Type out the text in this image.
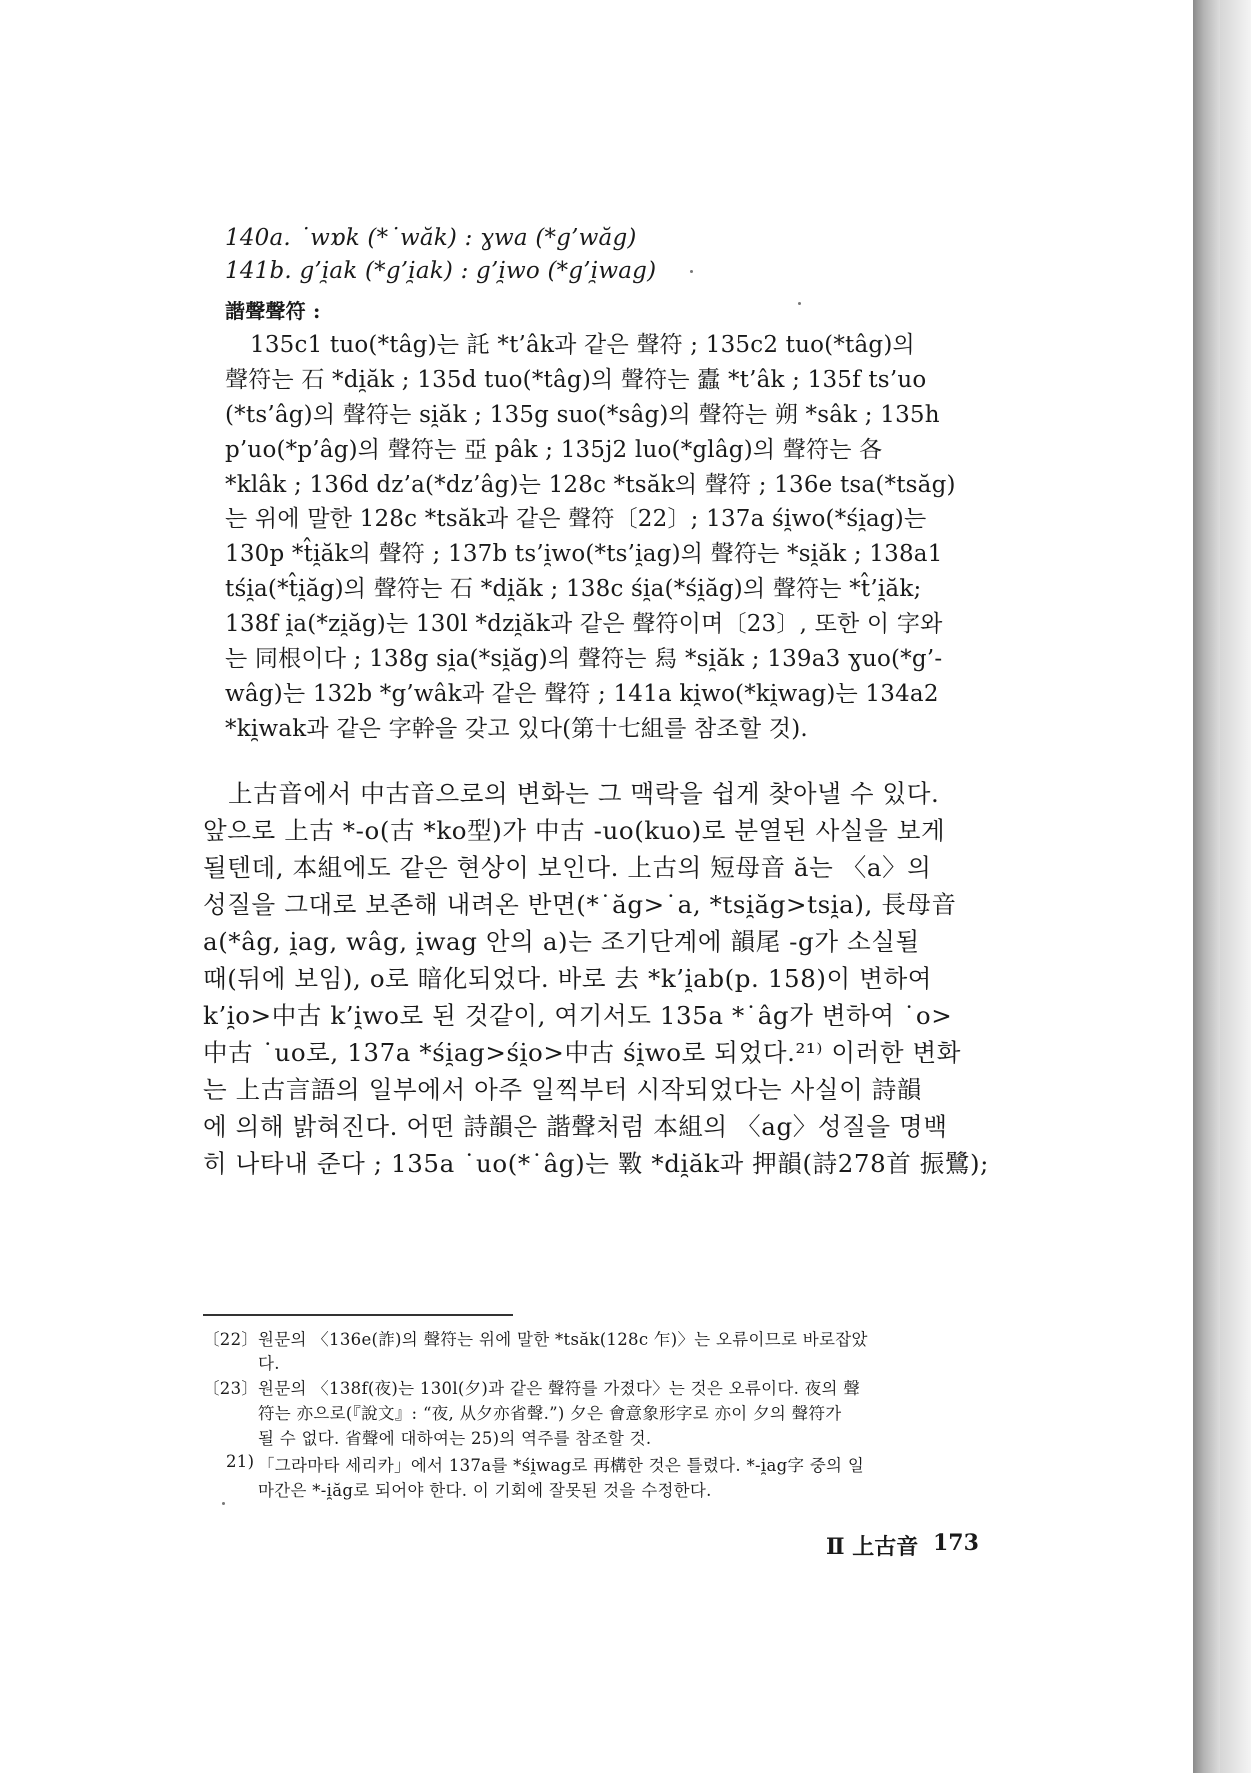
140a. ˙wɒk (*˙wăk) : ɣwa (*g’wăg)
141b. g’i̯ak (*g’i̯ak) : g’i̯wo (*g’i̯wag)
諧聲聲符 :
135c1 tuo(*tâg)는 託 *t’âk과 같은 聲符 ; 135c2 tuo(*tâg)의
聲符는 石 *di̯ăk ; 135d tuo(*tâg)의 聲符는 蠹 *t’âk ; 135f ts’uo
(*ts’âg)의 聲符는 si̯ăk ; 135g suo(*sâg)의 聲符는 朔 *sâk ; 135h
p’uo(*p’âg)의 聲符는 亞 pâk ; 135j2 luo(*glâg)의 聲符는 各
*klâk ; 136d dz’a(*dz’âg)는 128c *tsăk의 聲符 ; 136e tsa(*tsăg)
는 위에 말한 128c *tsăk과 같은 聲符〔22〕; 137a śi̯wo(*śi̯ag)는
130p *t̂i̯ăk의 聲符 ; 137b ts’i̯wo(*ts’i̯ag)의 聲符는 *si̯ăk ; 138a1
tśi̯a(*t̂i̯ăg)의 聲符는 石 *di̯ăk ; 138c śi̯a(*śi̯ăg)의 聲符는 *t̂’i̯ăk;
138f i̯a(*zi̯ăg)는 130l *dzi̯ăk과 같은 聲符이며〔23〕, 또한 이 字와
는 同根이다 ; 138g si̯a(*si̯ăg)의 聲符는 舄 *si̯ăk ; 139a3 ɣuo(*g’-
wâg)는 132b *g’wâk과 같은 聲符 ; 141a ki̯wo(*ki̯wag)는 134a2
*ki̯wak과 같은 字幹을 갖고 있다(第十七組를 참조할 것).
上古音에서 中古音으로의 변화는 그 맥락을 쉽게 찾아낼 수 있다.
앞으로 上古 *-o(古 *ko型)가 中古 -uo(kuo)로 분열된 사실을 보게
될텐데, 本組에도 같은 현상이 보인다. 上古의 短母音 ă는 〈a〉의
성질을 그대로 보존해 내려온 반면(*˙ăg>˙a, *tsi̯ăg>tsi̯a), 長母音
a(*âg, i̯ag, wâg, i̯wag 안의 a)는 조기단계에 韻尾 -g가 소실될
때(뒤에 보임), o로 暗化되었다. 바로 去 *k’i̯ab(p. 158)이 변하여
k’i̯o>中古 k’i̯wo로 된 것같이, 여기서도 135a *˙âg가 변하여 ˙o>
中古 ˙uo로, 137a *śi̯ag>śi̯o>中古 śi̯wo로 되었다.²¹⁾ 이러한 변화
는 上古言語의 일부에서 아주 일찍부터 시작되었다는 사실이 詩韻
에 의해 밝혀진다. 어떤 詩韻은 諧聲처럼 本組의 〈ag〉성질을 명백
히 나타내 준다 ; 135a ˙uo(*˙âg)는 斁 *di̯ăk과 押韻(詩278首 振鷺);
〔22〕 원문의 〈136e(詐)의 聲符는 위에 말한 *tsăk(128c 乍)〉는 오류이므로 바로잡았
다.
〔23〕 원문의 〈138f(夜)는 130l(夕)과 같은 聲符를 가졌다〉는 것은 오류이다. 夜의 聲
符는 亦으로(『說文』: “夜, 从夕亦省聲.”) 夕은 會意象形字로 亦이 夕의 聲符가
될 수 없다. 省聲에 대하여는 25)의 역주를 참조할 것.
21) 「그라마타 세리카」에서 137a를 *śi̯wag로 再構한 것은 틀렸다. *-i̯ag字 중의 일
마간은 *-i̯ăg로 되어야 한다. 이 기회에 잘못된 것을 수정한다.
Ⅱ 上古音 173
